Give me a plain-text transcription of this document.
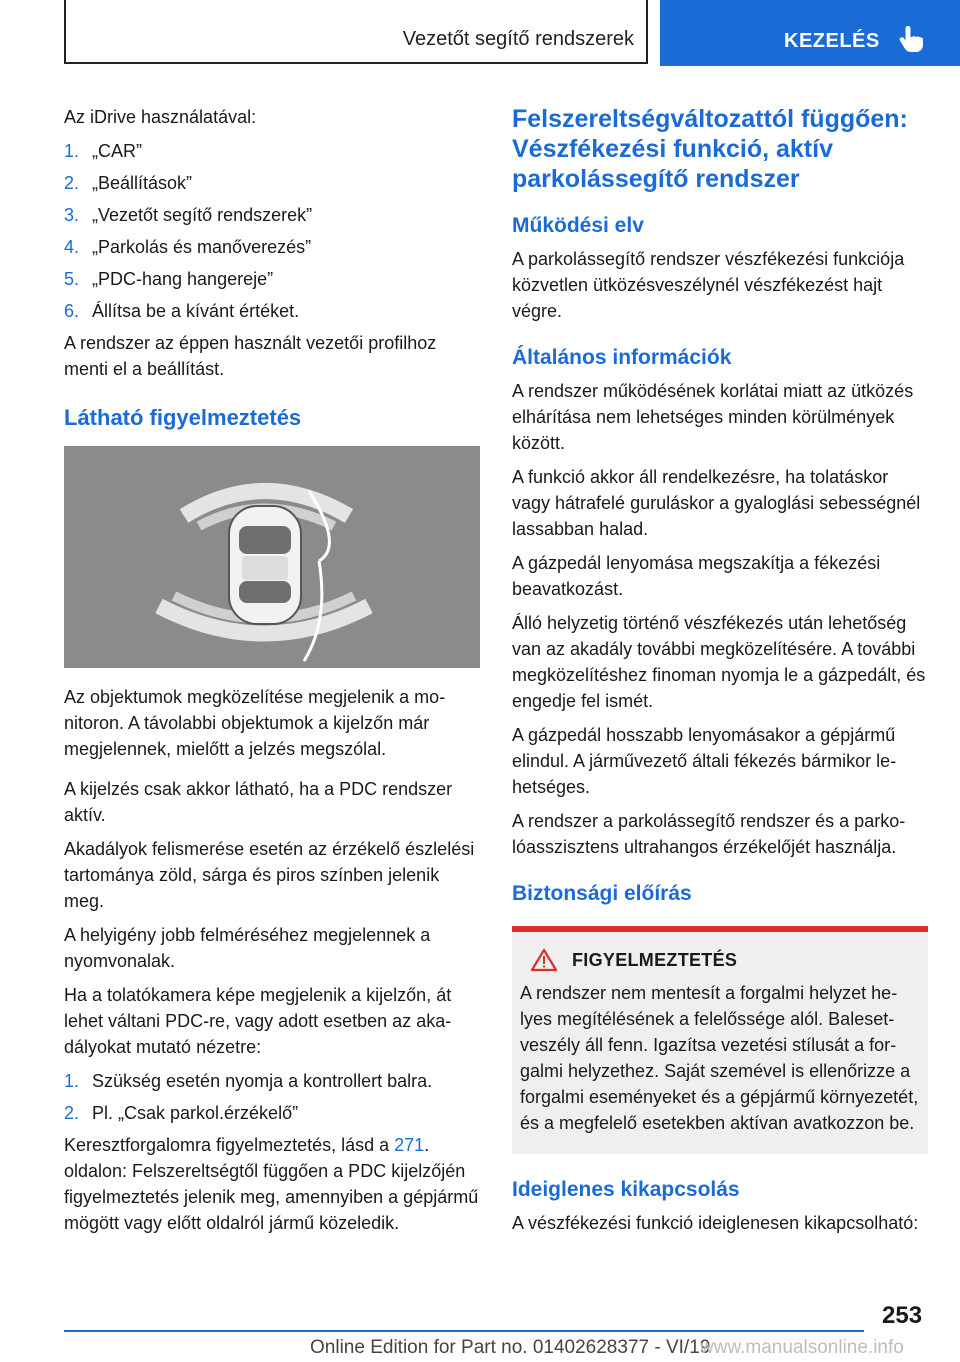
Vezetőt segítő rendszerek	KEZELÉS

Az iDrive használatával:

1. „CAR”
2. „Beállítások”
3. „Vezetőt segítő rendszerek”
4. „Parkolás és manőverezés”
5. „PDC-hang hangereje”
6. Állítsa be a kívánt értéket.

A rendszer az éppen használt vezetői profilhoz menti el a beállítást.

Látható figyelmeztetés

Az objektumok megközelítése megjelenik a monitoron. A távolabbi objektumok a kijelzőn már megjelennek, mielőtt a jelzés megszólal.

A kijelzés csak akkor látható, ha a PDC rendszer aktív.

Akadályok felismerése esetén az érzékelő észlelési tartománya zöld, sárga és piros színben jelenik meg.

A helyigény jobb felméréséhez megjelennek a nyomvonalak.

Ha a tolatókamera képe megjelenik a kijelzőn, át lehet váltani PDC-re, vagy adott esetben az akadályokat mutató nézetre:

1. Szükség esetén nyomja a kontrollert balra.
2. Pl. „Csak parkol.érzékelő”

Keresztforgalomra figyelmeztetés, lásd a 271. oldalon: Felszereltségtől függően a PDC kijelzőjén figyelmeztetés jelenik meg, amennyiben a gépjármű mögött vagy előtt oldalról jármű közeledik.

Felszereltségváltozattól függően: Vészfékezési funkció, aktív parkolássegítő rendszer
Működési elv

A parkolássegítő rendszer vészfékezési funkciója közvetlen ütközésveszélynél vészfékezést hajt végre.

Általános információk

A rendszer működésének korlátai miatt az ütközés elhárítása nem lehetséges minden körülmények között.

A funkció akkor áll rendelkezésre, ha tolatáskor vagy hátrafelé guruláskor a gyaloglási sebességnél lassabban halad.

A gázpedál lenyomása megszakítja a fékezési beavatkozást.

Álló helyzetig történő vészfékezés után lehetőség van az akadály további megközelítésére. A további megközelítéshez finoman nyomja le a gázpedált, és engedje fel ismét.

A gázpedál hosszabb lenyomásakor a gépjármű elindul. A járművezető általi fékezés bármikor lehetséges.

A rendszer a parkolássegítő rendszer és a parkolóasszisztens ultrahangos érzékelőjét használja.

Biztonsági előírás
FIGYELMEZTETÉS

A rendszer nem mentesít a forgalmi helyzet helyes megítélésének a felelőssége alól. Balesetveszély áll fenn. Igazítsa vezetési stílusát a forgalmi helyzethez. Saját szemével is ellenőrizze a forgalmi eseményeket és a gépjármű környezetét, és a megfelelő esetekben aktívan avatkozzon be.

Ideiglenes kikapcsolás

A vészfékezési funkció ideiglenesen kikapcsolható:

253
Online Edition for Part no. 01402628377 - VI/19
www.manualsonline.info
